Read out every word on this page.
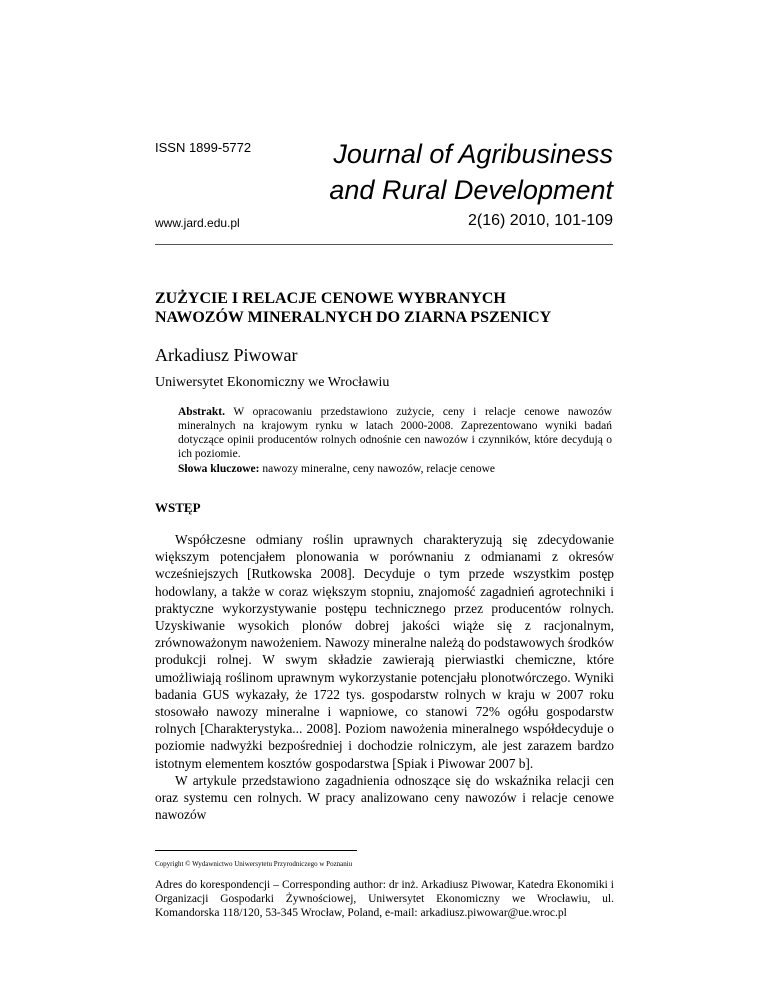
ISSN 1899-5772
www.jard.edu.pl
Journal of Agribusiness
and Rural Development
2(16) 2010, 101-109
ZUŻYCIE I RELACJE CENOWE WYBRANYCH
NAWOZÓW MINERALNYCH DO ZIARNA PSZENICY
Arkadiusz Piwowar
Uniwersytet Ekonomiczny we Wrocławiu
Abstrakt. W opracowaniu przedstawiono zużycie, ceny i relacje cenowe nawozów mineralnych na krajowym rynku w latach 2000-2008. Zaprezentowano wyniki badań dotyczące opinii producentów rolnych odnośnie cen nawozów i czynników, które decydują o ich poziomie.
Słowa kluczowe: nawozy mineralne, ceny nawozów, relacje cenowe
WSTĘP

Współczesne odmiany roślin uprawnych charakteryzują się zdecydowanie większym potencjałem plonowania w porównaniu z odmianami z okresów wcześniejszych [Rutkowska 2008]. Decyduje o tym przede wszystkim postęp hodowlany, a także w coraz większym stopniu, znajomość zagadnień agrotechniki i praktyczne wykorzystywanie postępu technicznego przez producentów rolnych. Uzyskiwanie wysokich plonów dobrej jakości wiąże się z racjonalnym, zrównoważonym nawożeniem. Nawozy mineralne należą do podstawowych środków produkcji rolnej. W swym składzie zawierają pierwiastki chemiczne, które umożliwiają roślinom uprawnym wykorzystanie potencjału plonotwórczego. Wyniki badania GUS wykazały, że 1722 tys. gospodarstw rolnych w kraju w 2007 roku stosowało nawozy mineralne i wapniowe, co stanowi 72% ogółu gospodarstw rolnych [Charakterystyka... 2008]. Poziom nawożenia mineralnego współdecyduje o poziomie nadwyżki bezpośredniej i dochodzie rolniczym, ale jest zarazem bardzo istotnym elementem kosztów gospodarstwa [Spiak i Piwowar 2007 b].

W artykule przedstawiono zagadnienia odnoszące się do wskaźnika relacji cen oraz systemu cen rolnych. W pracy analizowano ceny nawozów i relacje cenowe nawozów

Copyright © Wydawnictwo Uniwersytetu Przyrodniczego w Poznaniu
Adres do korespondencji – Corresponding author: dr inż. Arkadiusz Piwowar, Katedra Ekonomiki i Organizacji Gospodarki Żywnościowej, Uniwersytet Ekonomiczny we Wrocławiu, ul. Komandorska 118/120, 53-345 Wrocław, Poland, e-mail: arkadiusz.piwowar@ue.wroc.pl
